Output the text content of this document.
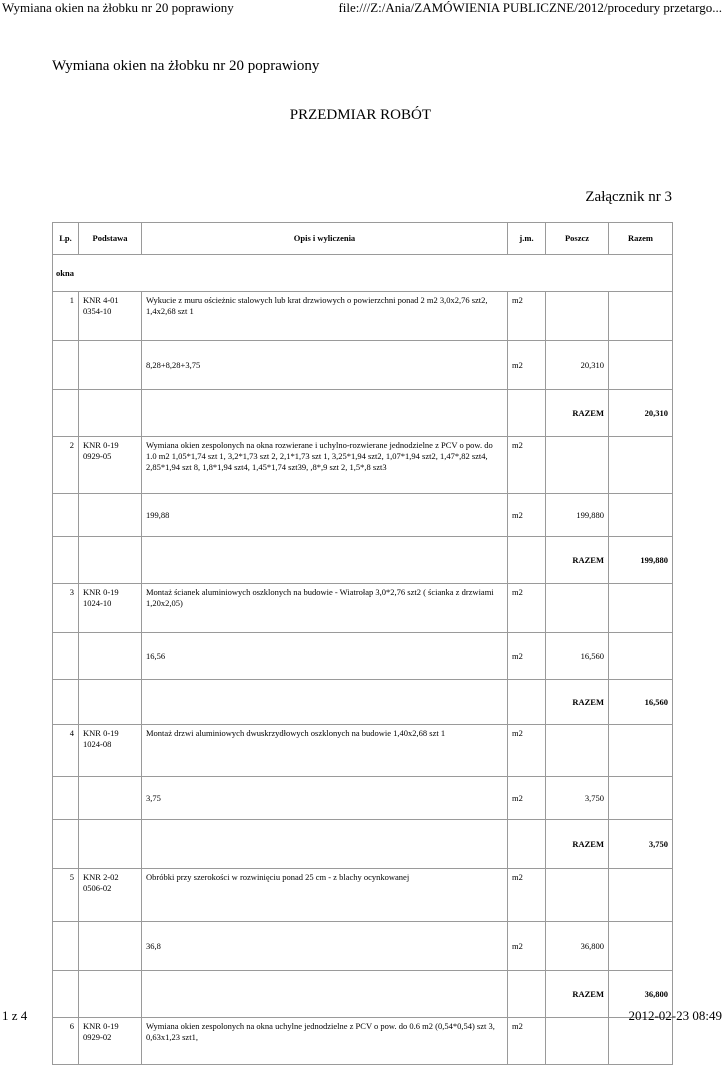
Wymiana okien na żłobku nr 20 poprawiony	file:///Z:/Ania/ZAMÓWIENIA PUBLICZNE/2012/procedury przetargo...
Wymiana okien na żłobku nr 20 poprawiony
PRZEDMIAR ROBÓT
Załącznik nr 3
Lp.	Podstawa	Opis i wyliczenia	j.m.	Poszcz	Razem
okna					
1	KNR 4-01 0354-10	Wykucie z muru ościeżnic stalowych lub krat drzwiowych o powierzchni ponad 2 m2 3,0x2,76 szt2, 1,4x2,68 szt 1	m2		
		8,28+8,28+3,75	m2	20,310	
				RAZEM	20,310
2	KNR 0-19 0929-05	Wymiana okien zespolonych na okna rozwierane i uchylno-rozwierane jednodzielne z PCV o pow. do 1.0 m2 1,05*1,74 szt 1, 3,2*1,73 szt 2, 2,1*1,73 szt 1, 3,25*1,94 szt2, 1,07*1,94 szt2, 1,47*,82 szt4, 2,85*1,94 szt 8, 1,8*1,94 szt4, 1,45*1,74 szt39, ,8*,9 szt 2, 1,5*,8 szt3	m2		
		199,88	m2	199,880	
				RAZEM	199,880
3	KNR 0-19 1024-10	Montaż ścianek aluminiowych oszklonych na budowie - Wiatrołap 3,0*2,76 szt2 ( ścianka z drzwiami 1,20x2,05)	m2		
		16,56	m2	16,560	
				RAZEM	16,560
4	KNR 0-19 1024-08	Montaż drzwi aluminiowych dwuskrzydłowych oszklonych na budowie 1,40x2,68 szt 1	m2		
		3,75	m2	3,750	
				RAZEM	3,750
5	KNR 2-02 0506-02	Obróbki przy szerokości w rozwinięciu ponad 25 cm - z blachy ocynkowanej	m2		
		36,8	m2	36,800	
				RAZEM	36,800
6	KNR 0-19 0929-02	Wymiana okien zespolonych na okna uchylne jednodzielne z PCV o pow. do 0.6 m2 (0,54*0,54) szt 3, 0,63x1,23 szt1,	m2		
1 z 4	2012-02-23 08:49
